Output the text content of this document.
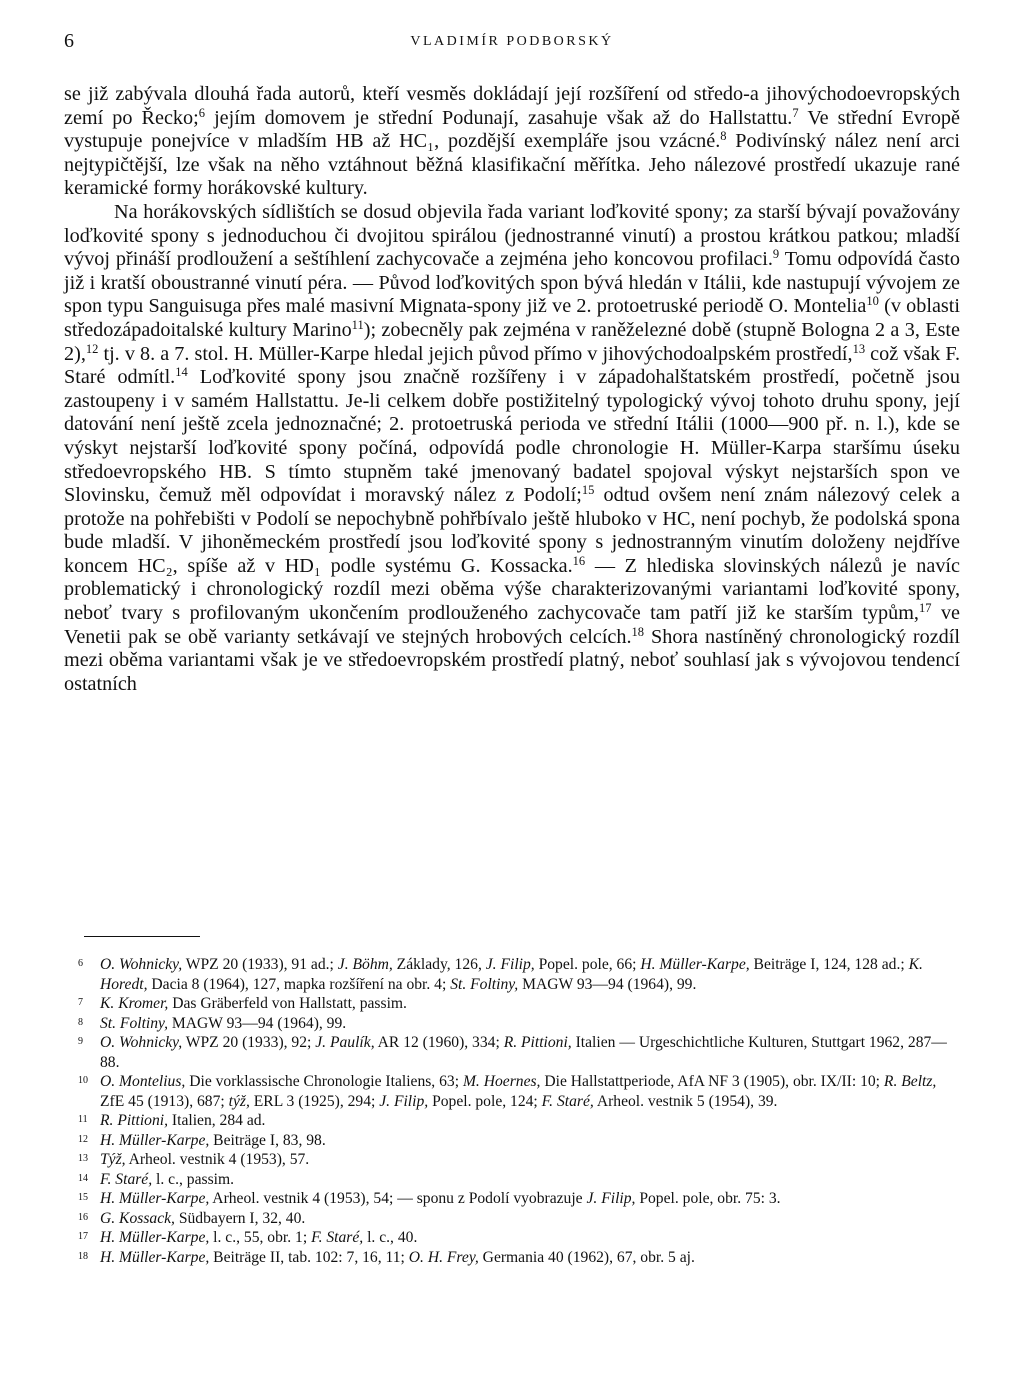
6	VLADIMÍR PODBORSKÝ

se již zabývala dlouhá řada autorů, kteří vesměs dokládají její rozšíření od středo-a jihovýchodoevropských zemí po Řecko;$^6$ jejím domovem je střední Podunají, zasahuje však až do Hallstattu.$^7$ Ve střední Evropě vystupuje ponejvíce v mladším HB až HC₁, pozdější exempláře jsou vzácné.$^8$ Podivínský nález není arci nejtypičtější, lze však na něho vztáhnout běžná klasifikační měřítka. Jeho nálezové prostředí ukazuje rané keramické formy horákovské kultury.

Na horákovských sídlištích se dosud objevila řada variant loďkovité spony; za starší bývají považovány loďkovité spony s jednoduchou či dvojitou spirálou (jednostranné vinutí) a prostou krátkou patkou; mladší vývoj přináší prodloužení a seštíhlení zachycovače a zejména jeho koncovou profilaci.$^9$ Tomu odpovídá často již i kratší oboustranné vinutí péra. — Původ loďkovitých spon bývá hledán v Itálii, kde nastupují vývojem ze spon typu Sanguisuga přes malé masivní Mignata-spony již ve 2. protoetruské periodě O. Montelia$^{10}$ (v oblasti středozápadoitalské kultury Marino$^{11}$); zobecněly pak zejména v raněželezné době (stupně Bologna 2 a 3, Este 2),$^{12}$ tj. v 8. a 7. stol. H. Müller-Karpe hledal jejich původ přímo v jihovýchodoalpském prostředí,$^{13}$ což však F. Staré odmítl.$^{14}$ Loďkovité spony jsou značně rozšířeny i v západohalštatském prostředí, početně jsou zastoupeny i v samém Hallstattu. Je-li celkem dobře postižitelný typologický vývoj tohoto druhu spony, její datování není ještě zcela jednoznačné; 2. protoetruská perioda ve střední Itálii (1000—900 př. n. l.), kde se výskyt nejstarší loďkovité spony počíná, odpovídá podle chronologie H. Müller-Karpa staršímu úseku středoevropského HB. S tímto stupněm také jmenovaný badatel spojoval výskyt nejstarších spon ve Slovinsku, čemuž měl odpovídat i moravský nález z Podolí;$^{15}$ odtud ovšem není znám nálezový celek a protože na pohřebišti v Podolí se nepochybně pohřbívalo ještě hluboko v HC, není pochyb, že podolská spona bude mladší. V jihoněmeckém prostředí jsou loďkovité spony s jednostranným vinutím doloženy nejdříve koncem HC₂, spíše až v HD₁ podle systému G. Kossacka.$^{16}$ — Z hlediska slovinských nálezů je navíc problematický i chronologický rozdíl mezi oběma výše charakterizovanými variantami loďkovité spony, neboť tvary s profilovaným ukončením prodlouženého zachycovače tam patří již ke starším typům,$^{17}$ ve Venetii pak se obě varianty setkávají ve stejných hrobových celcích.$^{18}$ Shora nastíněný chronologický rozdíl mezi oběma variantami však je ve středoevropském prostředí platný, neboť souhlasí jak s vývojovou tendencí ostatních

6	O. Wohnicky, WPZ 20 (1933), 91 ad.; J. Böhm, Základy, 126, J. Filip, Popel. pole, 66; H. Müller-Karpe, Beiträge I, 124, 128 ad.; K. Horedt, Dacia 8 (1964), 127, mapka rozšíření na obr. 4; St. Foltiny, MAGW 93—94 (1964), 99.
7	K. Kromer, Das Gräberfeld von Hallstatt, passim.
8	St. Foltiny, MAGW 93—94 (1964), 99.
9	O. Wohnicky, WPZ 20 (1933), 92; J. Paulík, AR 12 (1960), 334; R. Pittioni, Italien — Urgeschichtliche Kulturen, Stuttgart 1962, 287—88.
10 O. Montelius, Die vorklassische Chronologie Italiens, 63; M. Hoernes, Die Hallstattperiode, AfA NF 3 (1905), obr. IX/II: 10; R. Beltz, ZfE 45 (1913), 687; týž, ERL 3 (1925), 294; J. Filip, Popel. pole, 124; F. Staré, Arheol. vestnik 5 (1954), 39.
11 R. Pittioni, Italien, 284 ad.
12 H. Müller-Karpe, Beiträge I, 83, 98.
13 Týž, Arheol. vestnik 4 (1953), 57.
14 F. Staré, l. c., passim.
15 H. Müller-Karpe, Arheol. vestnik 4 (1953), 54; — sponu z Podolí vyobrazuje J. Filip, Popel. pole, obr. 75: 3.
16 G. Kossack, Südbayern I, 32, 40.
17 H. Müller-Karpe, l. c., 55, obr. 1; F. Staré, l. c., 40.
18 H. Müller-Karpe, Beiträge II, tab. 102: 7, 16, 11; O. H. Frey, Germania 40 (1962), 67, obr. 5 aj.
